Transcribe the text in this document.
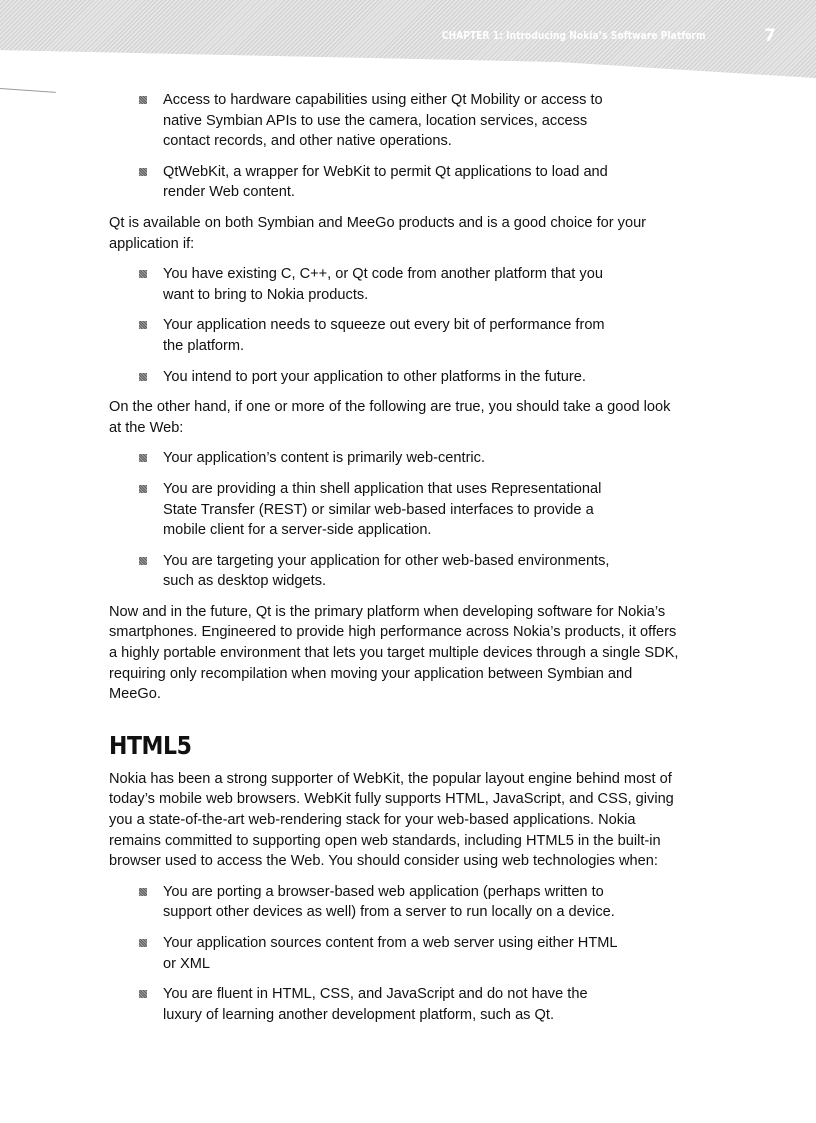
CHAPTER 1: Introducing Nokia’s Software Platform	7
Access to hardware capabilities using either Qt Mobility or access to
native Symbian APIs to use the camera, location services, access
contact records, and other native operations.
QtWebKit, a wrapper for WebKit to permit Qt applications to load and
render Web content.
Qt is available on both Symbian and MeeGo products and is a good choice for your
application if:
You have existing C, C++, or Qt code from another platform that you
want to bring to Nokia products.
Your application needs to squeeze out every bit of performance from
the platform.
You intend to port your application to other platforms in the future.
On the other hand, if one or more of the following are true, you should take a good look
at the Web:
Your application’s content is primarily web-centric.
You are providing a thin shell application that uses Representational
State Transfer (REST) or similar web-based interfaces to provide a
mobile client for a server-side application.
You are targeting your application for other web-based environments,
such as desktop widgets.
Now and in the future, Qt is the primary platform when developing software for Nokia’s
smartphones. Engineered to provide high performance across Nokia’s products, it offers
a highly portable environment that lets you target multiple devices through a single SDK,
requiring only recompilation when moving your application between Symbian and
MeeGo.
HTML5
Nokia has been a strong supporter of WebKit, the popular layout engine behind most of
today’s mobile web browsers. WebKit fully supports HTML, JavaScript, and CSS, giving
you a state-of-the-art web-rendering stack for your web-based applications. Nokia
remains committed to supporting open web standards, including HTML5 in the built-in
browser used to access the Web. You should consider using web technologies when:
You are porting a browser-based web application (perhaps written to
support other devices as well) from a server to run locally on a device.
Your application sources content from a web server using either HTML
or XML
You are fluent in HTML, CSS, and JavaScript and do not have the
luxury of learning another development platform, such as Qt.
